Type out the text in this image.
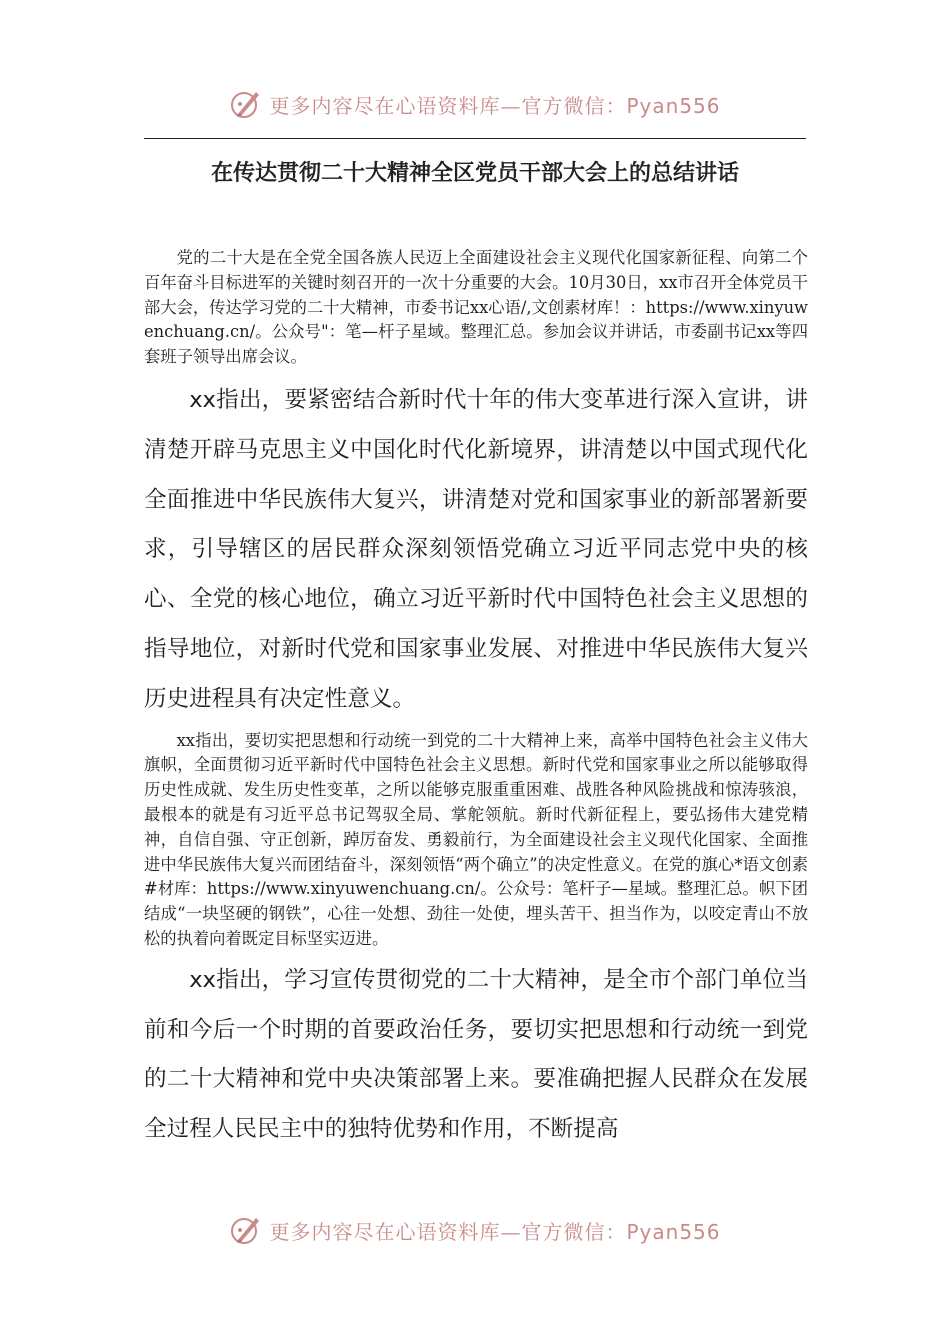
更多内容尽在心语资料库—官方微信：Pyan556
在传达贯彻二十大精神全区党员干部大会上的总结讲话

党的二十大是在全党全国各族人民迈上全面建设社会主义现代化国家新征程、向第二个百年奋斗目标进军的关键时刻召开的一次十分重要的大会。10月30日，xx市召开全体党员干部大会，传达学习党的二十大精神，市委书记xx心语/,文创素材库！：https://www.xinyuwenchuang.cn/。公众号"：笔—杆子星域。整理汇总。参加会议并讲话，市委副书记xx等四套班子领导出席会议。

xx指出，要紧密结合新时代十年的伟大变革进行深入宣讲，讲清楚开辟马克思主义中国化时代化新境界，讲清楚以中国式现代化全面推进中华民族伟大复兴，讲清楚对党和国家事业的新部署新要求，引导辖区的居民群众深刻领悟党确立习近平同志党中央的核心、全党的核心地位，确立习近平新时代中国特色社会主义思想的指导地位，对新时代党和国家事业发展、对推进中华民族伟大复兴历史进程具有决定性意义。

xx指出，要切实把思想和行动统一到党的二十大精神上来，高举中国特色社会主义伟大旗帜，全面贯彻习近平新时代中国特色社会主义思想。新时代党和国家事业之所以能够取得历史性成就、发生历史性变革，之所以能够克服重重困难、战胜各种风险挑战和惊涛骇浪，最根本的就是有习近平总书记驾驭全局、掌舵领航。新时代新征程上，要弘扬伟大建党精神，自信自强、守正创新，踔厉奋发、勇毅前行，为全面建设社会主义现代化国家、全面推进中华民族伟大复兴而团结奋斗，深刻领悟“两个确立”的决定性意义。在党的旗心*语文创素#材库：https://www.xinyuwenchuang.cn/。公众号：笔杆子—星域。整理汇总。帜下团结成“一块坚硬的钢铁”，心往一处想、劲往一处使，埋头苦干、担当作为，以咬定青山不放松的执着向着既定目标坚实迈进。

xx指出，学习宣传贯彻党的二十大精神，是全市个部门单位当前和今后一个时期的首要政治任务，要切实把思想和行动统一到党的二十大精神和党中央决策部署上来。要准确把握人民群众在发展全过程人民民主中的独特优势和作用，不断提高

更多内容尽在心语资料库—官方微信：Pyan556
